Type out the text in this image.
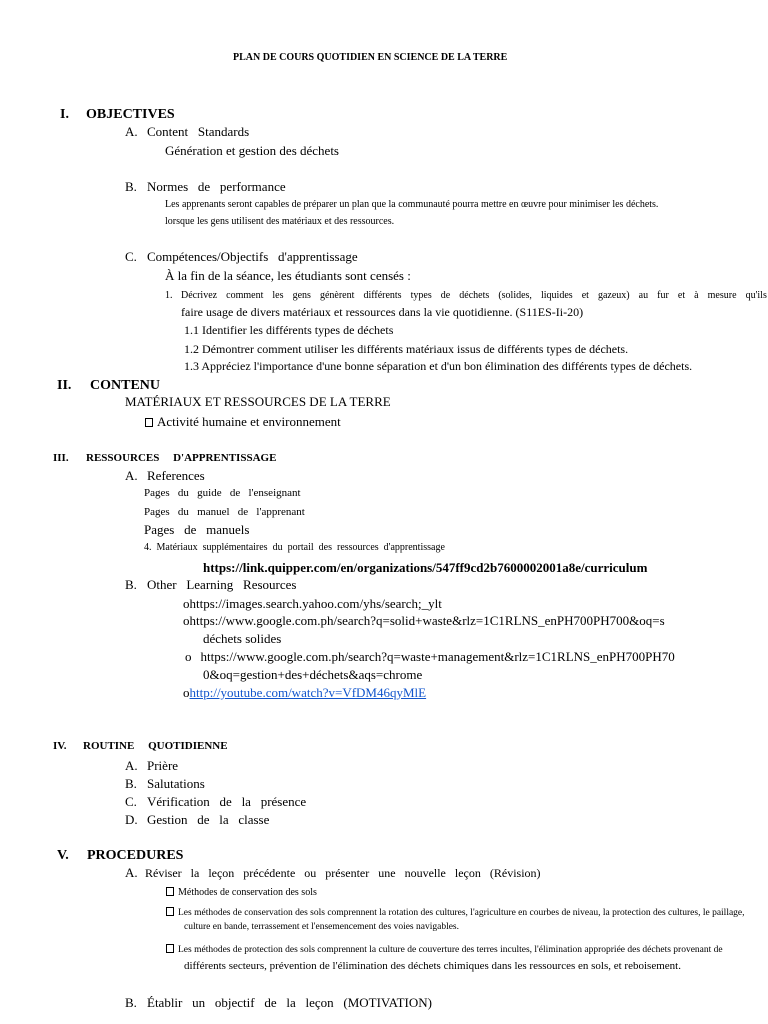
PLAN DE COURS QUOTIDIEN EN SCIENCE DE LA TERRE
I. OBJECTIVES
A. Content   Standards
Génération et gestion des déchets
B. Normes   de   performance
Les apprenants seront capables de préparer un plan que la communauté pourra mettre en œuvre pour minimiser les déchets.
lorsque les gens utilisent des matériaux et des ressources.
C. Compétences/Objectifs   d'apprentissage
À la fin de la séance, les étudiants sont censés :
1. Décrivez comment les gens génèrent différents types de déchets (solides, liquides et gazeux) au fur et à mesure qu'ils
faire usage de divers matériaux et ressources dans la vie quotidienne. (S11ES-Ii-20)
1.1 Identifier les différents types de déchets
1.2 Démontrer comment utiliser les différents matériaux issus de différents types de déchets.
1.3 Appréciez l'importance d'une bonne séparation et d'un bon élimination des différents types de déchets.
II. CONTENU
MATÉRIAUX ET RESSOURCES DE LA TERRE
Activité humaine et environnement
III. RESSOURCES     D'APPRENTISSAGE
A. References
Pages   du   guide   de   l'enseignant
Pages   du   manuel   de   l'apprenant
Pages   de   manuels
4.  Matériaux  supplémentaires  du  portail  des  ressources  d'apprentissage
https://link.quipper.com/en/organizations/547ff9cd2b7600002001a8e/curriculum
B. Other   Learning   Resources
ohttps://images.search.yahoo.com/yhs/search;_ylt
ohttps://www.google.com.ph/search?q=solid+waste&rlz=1C1RLNS_enPH700PH700&oq=s
déchets solides
o https://www.google.com.ph/search?q=waste+management&rlz=1C1RLNS_enPH700PH70
0&oq=gestion+des+déchets&aqs=chrome
ohttp://youtube.com/watch?v=VfDM46qyMlE
IV. ROUTINE     QUOTIDIENNE
A. Prière
B. Salutations
C. Vérification   de   la   présence
D. Gestion   de   la   classe
V. PROCEDURES
A. Réviser   la   leçon   précédente   ou   présenter   une   nouvelle   leçon   (Révision)
Méthodes de conservation des sols
Les méthodes de conservation des sols comprennent la rotation des cultures, l'agriculture en courbes de niveau, la protection des cultures, le paillage,
culture en bande, terrassement et l'ensemencement des voies navigables.
Les méthodes de protection des sols comprennent la culture de couverture des terres incultes, l'élimination appropriée des déchets provenant de
différents secteurs, prévention de l'élimination des déchets chimiques dans les ressources en sols, et reboisement.
B. Établir   un   objectif   de   la   leçon   (MOTIVATION)
